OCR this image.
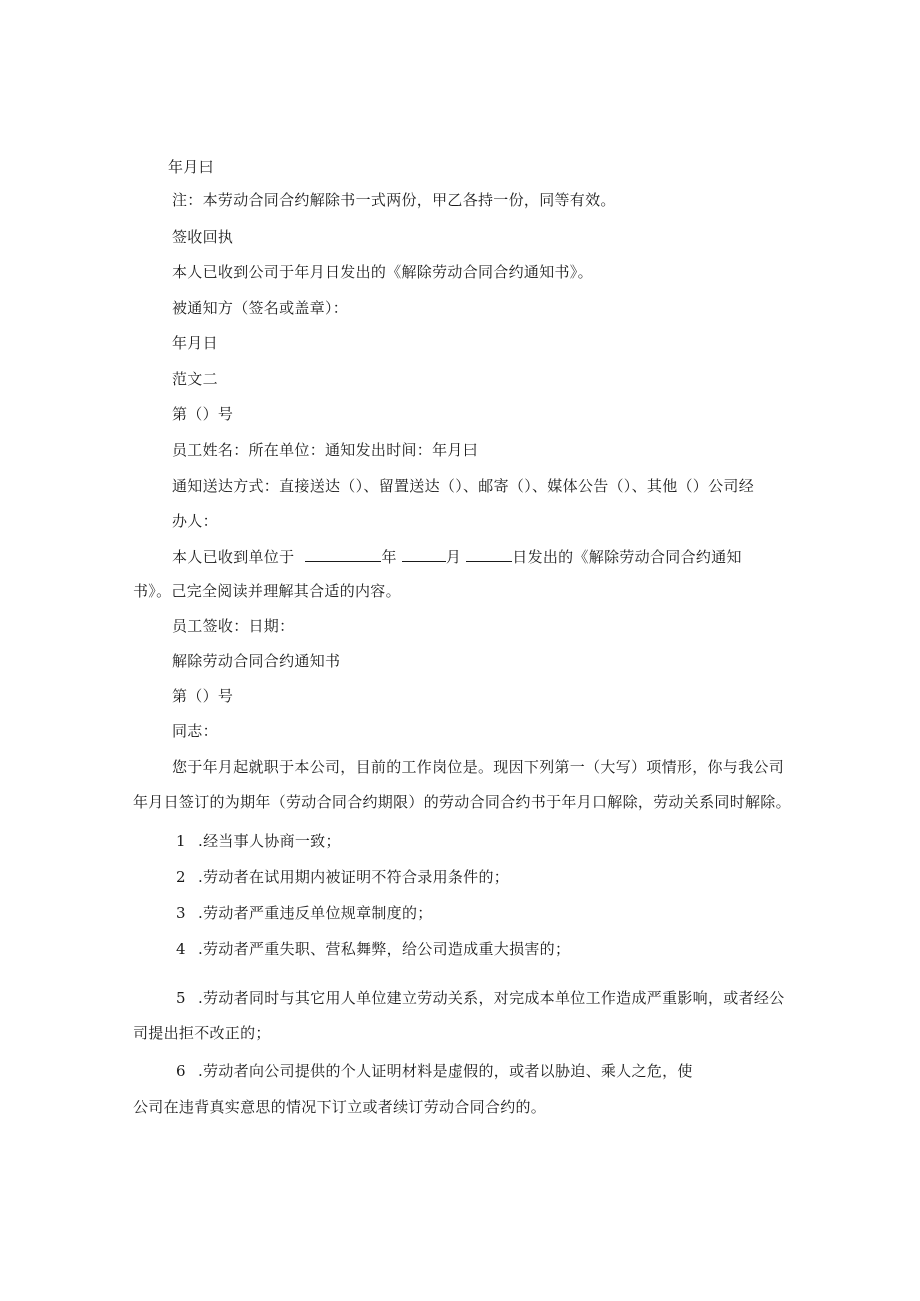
年月曰
注：本劳动合同合约解除书一式两份，甲乙各持一份，同等有效。
签收回执
本人已收到公司于年月日发出的《解除劳动合同合约通知书》。
被通知方（签名或盖章）：
年月日
范文二
第（）号
员工姓名：所在单位：通知发出时间：年月曰
通知送达方式：直接送达（）、留置送达（）、邮寄（）、媒体公告（）、其他（）公司经
办人：
本人已收到单位于	年	月	日发出的《解除劳动合同合约通知
书》。己完全阅读并理解其合适的内容。
员工签收：日期：
解除劳动合同合约通知书
第（）号
同志：
您于年月起就职于本公司，目前的工作岗位是。现因下列第一（大写）项情形，你与我公司
年月日签订的为期年（劳动合同合约期限）的劳动合同合约书于年月口解除，劳动关系同时解除。
1 .经当事人协商一致；
2 .劳动者在试用期内被证明不符合录用条件的；
3 .劳动者严重违反单位规章制度的；
4 .劳动者严重失职、营私舞弊，给公司造成重大损害的；
5 .劳动者同时与其它用人单位建立劳动关系，对完成本单位工作造成严重影响，或者经公
司提出拒不改正的；
6 .劳动者向公司提供的个人证明材料是虚假的，或者以胁迫、乘人之危，使
公司在违背真实意思的情况下订立或者续订劳动合同合约的。
